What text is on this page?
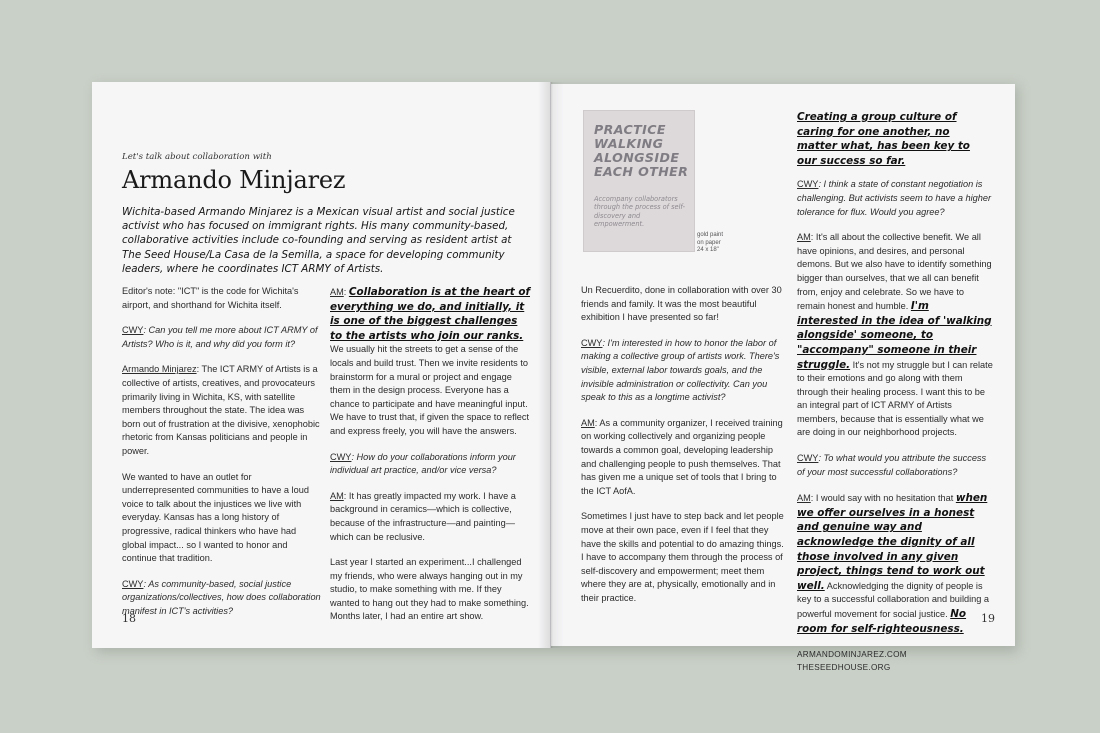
Let's talk about collaboration with
Armando Minjarez
Wichita-based Armando Minjarez is a Mexican visual artist and social justice activist who has focused on immigrant rights. His many community-based, collaborative activities include co-founding and serving as resident artist at The Seed House/La Casa de la Semilla, a space for developing community leaders, where he coordinates ICT ARMY of Artists.

Editor's note: "ICT" is the code for Wichita's airport, and shorthand for Wichita itself.

CWY: Can you tell me more about ICT ARMY of Artists? Who is it, and why did you form it?

Armando Minjarez: The ICT ARMY of Artists is a collective of artists, creatives, and provocateurs primarily living in Wichita, KS, with satellite members throughout the state. The idea was born out of frustration at the divisive, xenophobic rhetoric from Kansas politicians and people in power.

We wanted to have an outlet for underrepresented communities to have a loud voice to talk about the injustices we live with everyday. Kansas has a long history of progressive, radical thinkers who have had global impact... so I wanted to honor and continue that tradition.

CWY: As community-based, social justice organizations/collectives, how does collaboration manifest in ICT's activities?

AM: Collaboration is at the heart of everything we do, and initially, it is one of the biggest challenges to the artists who join our ranks. We usually hit the streets to get a sense of the locals and build trust. Then we invite residents to brainstorm for a mural or project and engage them in the design process. Everyone has a chance to participate and have meaningful input. We have to trust that, if given the space to reflect and express freely, you will have the answers.

CWY: How do your collaborations inform your individual art practice, and/or vice versa?

AM: It has greatly impacted my work. I have a background in ceramics—which is collective, because of the infrastructure—and painting—which can be reclusive.

Last year I started an experiment...I challenged my friends, who were always hanging out in my studio, to make something with me. If they wanted to hang out they had to make something. Months later, I had an entire art show.

18
PRACTICE WALKING ALONGSIDE EACH OTHER
Accompany collaborators through the process of self-discovery and empowerment.
gold paint
on paper
24 x 18"

Un Recuerdito, done in collaboration with over 30 friends and family. It was the most beautiful exhibition I have presented so far!

CWY: I'm interested in how to honor the labor of making a collective group of artists work. There's visible, external labor towards goals, and the invisible administration or collectivity. Can you speak to this as a longtime activist?

AM: As a community organizer, I received training on working collectively and organizing people towards a common goal, developing leadership and challenging people to push themselves. That has given me a unique set of tools that I bring to the ICT AofA.

Sometimes I just have to step back and let people move at their own pace, even if I feel that they have the skills and potential to do amazing things. I have to accompany them through the process of self-discovery and empowerment; meet them where they are at, physically, emotionally and in their practice.

Creating a group culture of caring for one another, no matter what, has been key to our success so far.

CWY: I think a state of constant negotiation is challenging. But activists seem to have a higher tolerance for flux. Would you agree?

AM: It's all about the collective benefit. We all have opinions, and desires, and personal demons. But we also have to identify something bigger than ourselves, that we all can benefit from, enjoy and celebrate. So we have to remain honest and humble. I'm interested in the idea of 'walking alongside' someone, to "accompany" someone in their struggle. It's not my struggle but I can relate to their emotions and go along with them through their healing process. I want this to be an integral part of ICT ARMY of Artists members, because that is essentially what we are doing in our neighborhood projects.

CWY: To what would you attribute the success of your most successful collaborations?

AM: I would say with no hesitation that when we offer ourselves in a honest and genuine way and acknowledge the dignity of all those involved in any given project, things tend to work out well. Acknowledging the dignity of people is key to a successful collaboration and building a powerful movement for social justice. No room for self-righteousness.

ARMANDOMINJAREZ.COM
THESEEDHOUSE.ORG
19
